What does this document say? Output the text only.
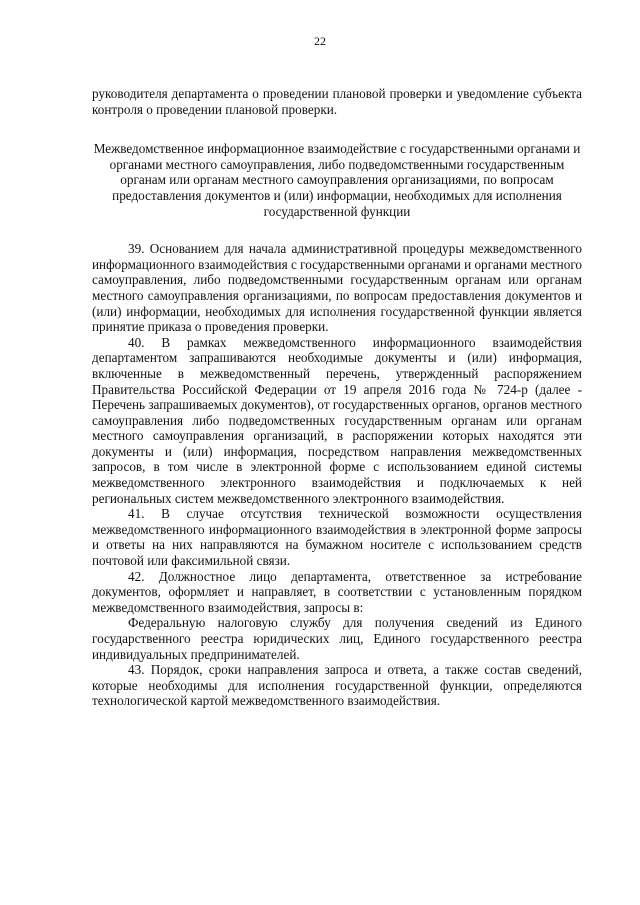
22

руководителя департамента о проведении плановой проверки и уведомление субъекта контроля о проведении плановой проверки.

Межведомственное информационное взаимодействие с государственными органами и органами местного самоуправления, либо подведомственными государственным органам или органам местного самоуправления организациями, по вопросам предоставления документов и (или) информации, необходимых для исполнения государственной функции

39. Основанием для начала административной процедуры межведомственного информационного взаимодействия с государственными органами и органами местного самоуправления, либо подведомственными государственным органам или органам местного самоуправления организациями, по вопросам предоставления документов и (или) информации, необходимых для исполнения государственной функции является принятие приказа о проведения проверки.

40. В рамках межведомственного информационного взаимодействия департаментом запрашиваются необходимые документы и (или) информация, включенные в межведомственный перечень, утвержденный распоряжением Правительства Российской Федерации от 19 апреля 2016 года № 724-р (далее - Перечень запрашиваемых документов), от государственных органов, органов местного самоуправления либо подведомственных государственным органам или органам местного самоуправления организаций, в распоряжении которых находятся эти документы и (или) информация, посредством направления межведомственных запросов, в том числе в электронной форме с использованием единой системы межведомственного электронного взаимодействия и подключаемых к ней региональных систем межведомственного электронного взаимодействия.

41. В случае отсутствия технической возможности осуществления межведомственного информационного взаимодействия в электронной форме запросы и ответы на них направляются на бумажном носителе с использованием средств почтовой или факсимильной связи.

42. Должностное лицо департамента, ответственное за истребование документов, оформляет и направляет, в соответствии с установленным порядком межведомственного взаимодействия, запросы в:

Федеральную налоговую службу для получения сведений из Единого государственного реестра юридических лиц, Единого государственного реестра индивидуальных предпринимателей.

43. Порядок, сроки направления запроса и ответа, а также состав сведений, которые необходимы для исполнения государственной функции, определяются технологической картой межведомственного взаимодействия.
